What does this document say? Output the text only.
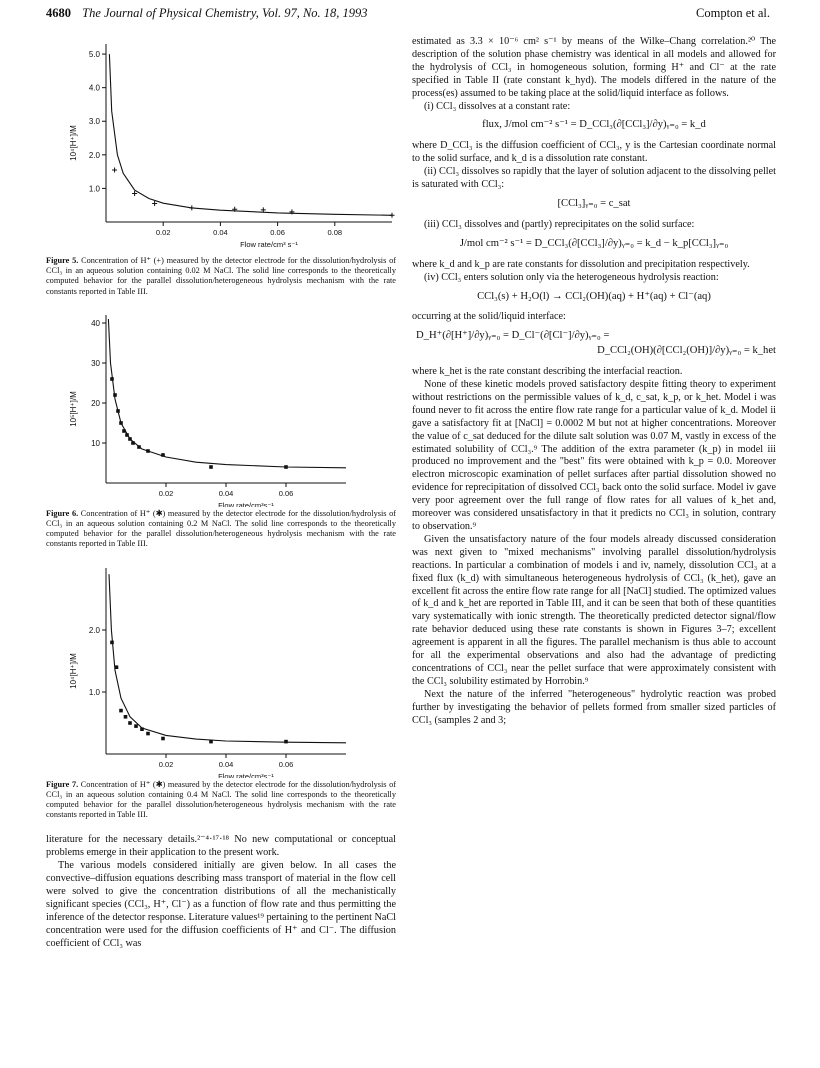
4680 The Journal of Physical Chemistry, Vol. 97, No. 18, 1993	Compton et al.
1.0
2.0
3.0
4.0
5.0
0.02	0.04	0.06	0.08
Flow rate/cm³ s⁻¹
10⁴[H⁺]/M

Figure 5. Concentration of H⁺ (+) measured by the detector electrode for the dissolution/hydrolysis of CCl₃ in an aqueous solution containing 0.02 M NaCl. The solid line corresponds to the theoretically computed behavior for the parallel dissolution/heterogeneous hydrolysis mechanism with the rate constants reported in Table III.

10
20
30
40
0.02	0.04	0.06
Flow rate/cm³s⁻¹
10⁵[H⁺]/M

Figure 6. Concentration of H⁺ (✱) measured by the detector electrode for the dissolution/hydrolysis of CCl₃ in an aqueous solution containing 0.2 M NaCl. The solid line corresponds to the theoretically computed behavior for the parallel dissolution/heterogeneous hydrolysis mechanism with the rate constants reported in Table III.

1.0
2.0
0.02	0.04	0.06
Flow rate/cm³s⁻¹
10⁴[H⁺]/M

Figure 7. Concentration of H⁺ (✱) measured by the detector electrode for the dissolution/hydrolysis of CCl₃ in an aqueous solution containing 0.4 M NaCl. The solid line corresponds to the theoretically computed behavior for the parallel dissolution/heterogeneous hydrolysis mechanism with the rate constants reported in Table III.

literature for the necessary details.²⁻⁴·¹⁷·¹⁸ No new computational or conceptual problems emerge in their application to the present work.

The various models considered initially are given below. In all cases the convective–diffusion equations describing mass transport of material in the flow cell were solved to give the concentration distributions of all the mechanistically significant species (CCl₃, H⁺, Cl⁻) as a function of flow rate and thus permitting the inference of the detector response. Literature values¹⁹ pertaining to the pertinent NaCl concentration were used for the diffusion coefficients of H⁺ and Cl⁻. The diffusion coefficient of CCl₃ was

estimated as 3.3 × 10⁻⁶ cm² s⁻¹ by means of the Wilke–Chang correlation.²⁰ The description of the solution phase chemistry was identical in all models and allowed for the hydrolysis of CCl₃ in homogeneous solution, forming H⁺ and Cl⁻ at the rate specified in Table II (rate constant k_hyd). The models differed in the nature of the process(es) assumed to be taking place at the solid/liquid interface as follows.

(i) CCl₃ dissolves at a constant rate:

flux, J/mol cm⁻² s⁻¹ = D_CCl₃(∂[CCl₃]/∂y)ᵧ₌₀ = k_d

where D_CCl₃ is the diffusion coefficient of CCl₃, y is the Cartesian coordinate normal to the solid surface, and k_d is a dissolution rate constant.

(ii) CCl₃ dissolves so rapidly that the layer of solution adjacent to the dissolving pellet is saturated with CCl₃:

[CCl₃]ᵧ₌₀ = c_sat

(iii) CCl₃ dissolves and (partly) reprecipitates on the solid surface:

J/mol cm⁻² s⁻¹ = D_CCl₃(∂[CCl₃]/∂y)ᵧ₌₀ = k_d − k_p[CCl₃]ᵧ₌₀

where k_d and k_p are rate constants for dissolution and precipitation respectively.

(iv) CCl₃ enters solution only via the heterogeneous hydrolysis reaction:

CCl₃(s) + H₂O(l) → CCl₂(OH)(aq) + H⁺(aq) + Cl⁻(aq)

occurring at the solid/liquid interface:

D_H⁺(∂[H⁺]/∂y)ᵧ₌₀ = D_Cl⁻(∂[Cl⁻]/∂y)ᵧ₌₀ =
D_CCl₂(OH)(∂[CCl₂(OH)]/∂y)ᵧ₌₀ = k_het

where k_het is the rate constant describing the interfacial reaction.

None of these kinetic models proved satisfactory despite fitting theory to experiment without restrictions on the permissible values of k_d, c_sat, k_p, or k_het. Model i was found never to fit across the entire flow rate range for a particular value of k_d. Model ii gave a satisfactory fit at [NaCl] = 0.0002 M but not at higher concentrations. Moreover the value of c_sat deduced for the dilute salt solution was 0.07 M, vastly in excess of the estimated solubility of CCl₃.⁹ The addition of the extra parameter (k_p) in model iii produced no improvement and the "best" fits were obtained with k_p = 0.0. Moreover electron microscopic examination of pellet surfaces after partial dissolution showed no evidence for reprecipitation of dissolved CCl₃ back onto the solid surface. Model iv gave very poor agreement over the full range of flow rates for all values of k_het and, moreover was considered unsatisfactory in that it predicts no CCl₃ in solution, contrary to observation.⁹

Given the unsatisfactory nature of the four models already discussed consideration was next given to "mixed mechanisms" involving parallel dissolution/hydrolysis reactions. In particular a combination of models i and iv, namely, dissolution CCl₃ at a fixed flux (k_d) with simultaneous heterogeneous hydrolysis of CCl₃ (k_het), gave an excellent fit across the entire flow rate range for all [NaCl] studied. The optimized values of k_d and k_het are reported in Table III, and it can be seen that both of these quantities vary systematically with ionic strength. The theoretically predicted detector signal/flow rate behavior deduced using these rate constants is shown in Figures 3–7; excellent agreement is apparent in all the figures. The parallel mechanism is thus able to account for all the experimental observations and also had the advantage of predicting concentrations of CCl₃ near the pellet surface that were approximately consistent with the CCl₃ solubility estimated by Horrobin.⁹

Next the nature of the inferred "heterogeneous" hydrolytic reaction was probed further by investigating the behavior of pellets formed from smaller sized particles of CCl₃ (samples 2 and 3;
